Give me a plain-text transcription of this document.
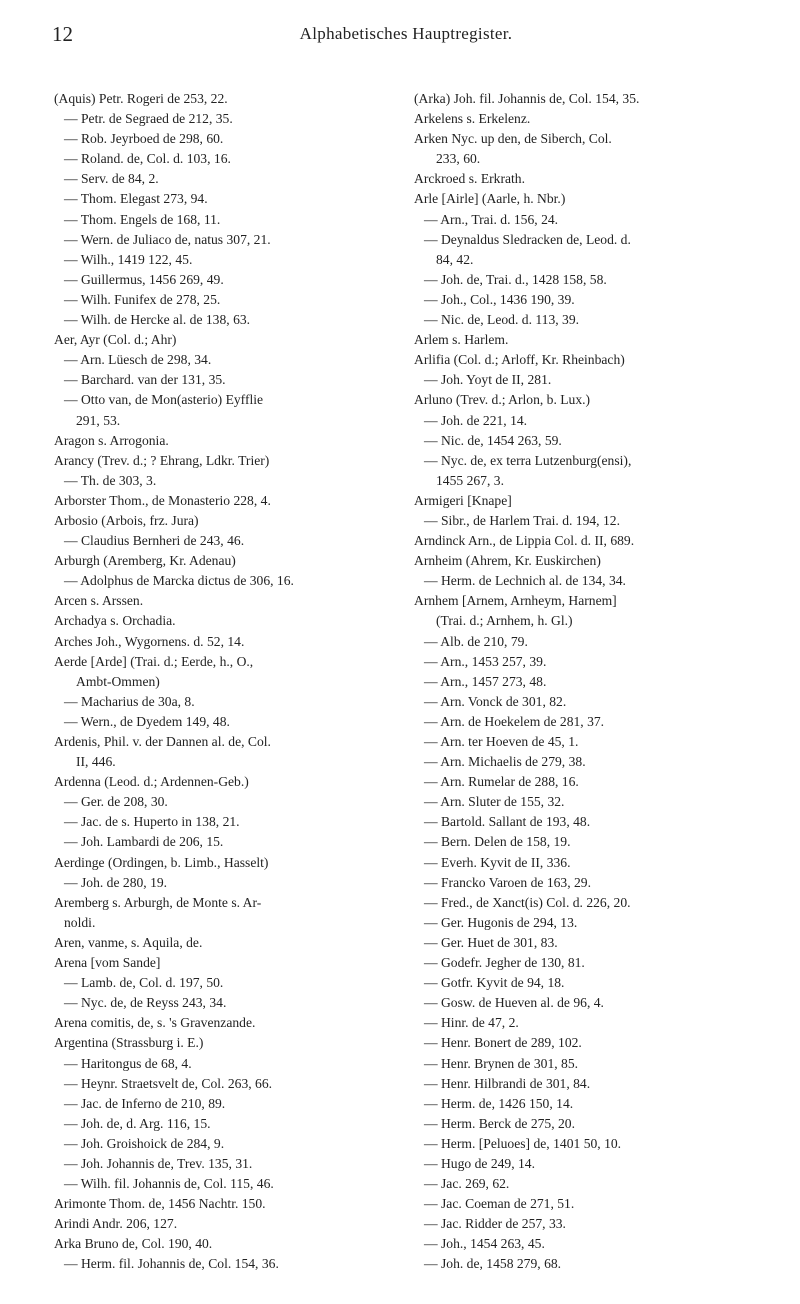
12	Alphabetisches Hauptregister.
(Aquis) Petr. Rogeri de 253, 22.
— Petr. de Segraed de 212, 35.
— Rob. Jeyrboed de 298, 60.
— Roland. de, Col. d. 103, 16.
— Serv. de 84, 2.
— Thom. Elegast 273, 94.
— Thom. Engels de 168, 11.
— Wern. de Juliaco de, natus 307, 21.
— Wilh., 1419 122, 45.
— Guillermus, 1456 269, 49.
— Wilh. Funifex de 278, 25.
— Wilh. de Hercke al. de 138, 63.
Aer, Ayr (Col. d.; Ahr)
— Arn. Lüesch de 298, 34.
— Barchard. van der 131, 35.
— Otto van, de Mon(asterio) Eyfflie
291, 53.
Aragon s. Arrogonia.
Arancy (Trev. d.; ? Ehrang, Ldkr. Trier)
— Th. de 303, 3.
Arborster Thom., de Monasterio 228, 4.
Arbosio (Arbois, frz. Jura)
— Claudius Bernheri de 243, 46.
Arburgh (Aremberg, Kr. Adenau)
— Adolphus de Marcka dictus de 306, 16.
Arcen s. Arssen.
Archadya s. Orchadia.
Arches Joh., Wygornens. d. 52, 14.
Aerde [Arde] (Trai. d.; Eerde, h., O.,
Ambt-Ommen)
— Macharius de 30a, 8.
— Wern., de Dyedem 149, 48.
Ardenis, Phil. v. der Dannen al. de, Col.
II, 446.
Ardenna (Leod. d.; Ardennen-Geb.)
— Ger. de 208, 30.
— Jac. de s. Huperto in 138, 21.
— Joh. Lambardi de 206, 15.
Aerdinge (Ordingen, b. Limb., Hasselt)
— Joh. de 280, 19.
Aremberg s. Arburgh, de Monte s. Ar-
noldi.
Aren, vanme, s. Aquila, de.
Arena [vom Sande]
— Lamb. de, Col. d. 197, 50.
— Nyc. de, de Reyss 243, 34.
Arena comitis, de, s. 's Gravenzande.
Argentina (Strassburg i. E.)
— Haritongus de 68, 4.
— Heynr. Straetsvelt de, Col. 263, 66.
— Jac. de Inferno de 210, 89.
— Joh. de, d. Arg. 116, 15.
— Joh. Groishoick de 284, 9.
— Joh. Johannis de, Trev. 135, 31.
— Wilh. fil. Johannis de, Col. 115, 46.
Arimonte Thom. de, 1456 Nachtr. 150.
Arindi Andr. 206, 127.
Arka Bruno de, Col. 190, 40.
— Herm. fil. Johannis de, Col. 154, 36.
(Arka) Joh. fil. Johannis de, Col. 154, 35.
Arkelens s. Erkelenz.
Arken Nyc. up den, de Siberch, Col.
233, 60.
Arckroed s. Erkrath.
Arle [Airle] (Aarle, h. Nbr.)
— Arn., Trai. d. 156, 24.
— Deynaldus Sledracken de, Leod. d.
84, 42.
— Joh. de, Trai. d., 1428 158, 58.
— Joh., Col., 1436 190, 39.
— Nic. de, Leod. d. 113, 39.
Arlem s. Harlem.
Arlifia (Col. d.; Arloff, Kr. Rheinbach)
— Joh. Yoyt de II, 281.
Arluno (Trev. d.; Arlon, b. Lux.)
— Joh. de 221, 14.
— Nic. de, 1454 263, 59.
— Nyc. de, ex terra Lutzenburg(ensi),
1455 267, 3.
Armigeri [Knape]
— Sibr., de Harlem Trai. d. 194, 12.
Arndinck Arn., de Lippia Col. d. II, 689.
Arnheim (Ahrem, Kr. Euskirchen)
— Herm. de Lechnich al. de 134, 34.
Arnhem [Arnem, Arnheym, Harnem]
(Trai. d.; Arnhem, h. Gl.)
— Alb. de 210, 79.
— Arn., 1453 257, 39.
— Arn., 1457 273, 48.
— Arn. Vonck de 301, 82.
— Arn. de Hoekelem de 281, 37.
— Arn. ter Hoeven de 45, 1.
— Arn. Michaelis de 279, 38.
— Arn. Rumelar de 288, 16.
— Arn. Sluter de 155, 32.
— Bartold. Sallant de 193, 48.
— Bern. Delen de 158, 19.
— Everh. Kyvit de II, 336.
— Francko Varoen de 163, 29.
— Fred., de Xanct(is) Col. d. 226, 20.
— Ger. Hugonis de 294, 13.
— Ger. Huet de 301, 83.
— Godefr. Jegher de 130, 81.
— Gotfr. Kyvit de 94, 18.
— Gosw. de Hueven al. de 96, 4.
— Hinr. de 47, 2.
— Henr. Bonert de 289, 102.
— Henr. Brynen de 301, 85.
— Henr. Hilbrandi de 301, 84.
— Herm. de, 1426 150, 14.
— Herm. Berck de 275, 20.
— Herm. [Peluoes] de, 1401 50, 10.
— Hugo de 249, 14.
— Jac. 269, 62.
— Jac. Coeman de 271, 51.
— Jac. Ridder de 257, 33.
— Joh., 1454 263, 45.
— Joh. de, 1458 279, 68.
